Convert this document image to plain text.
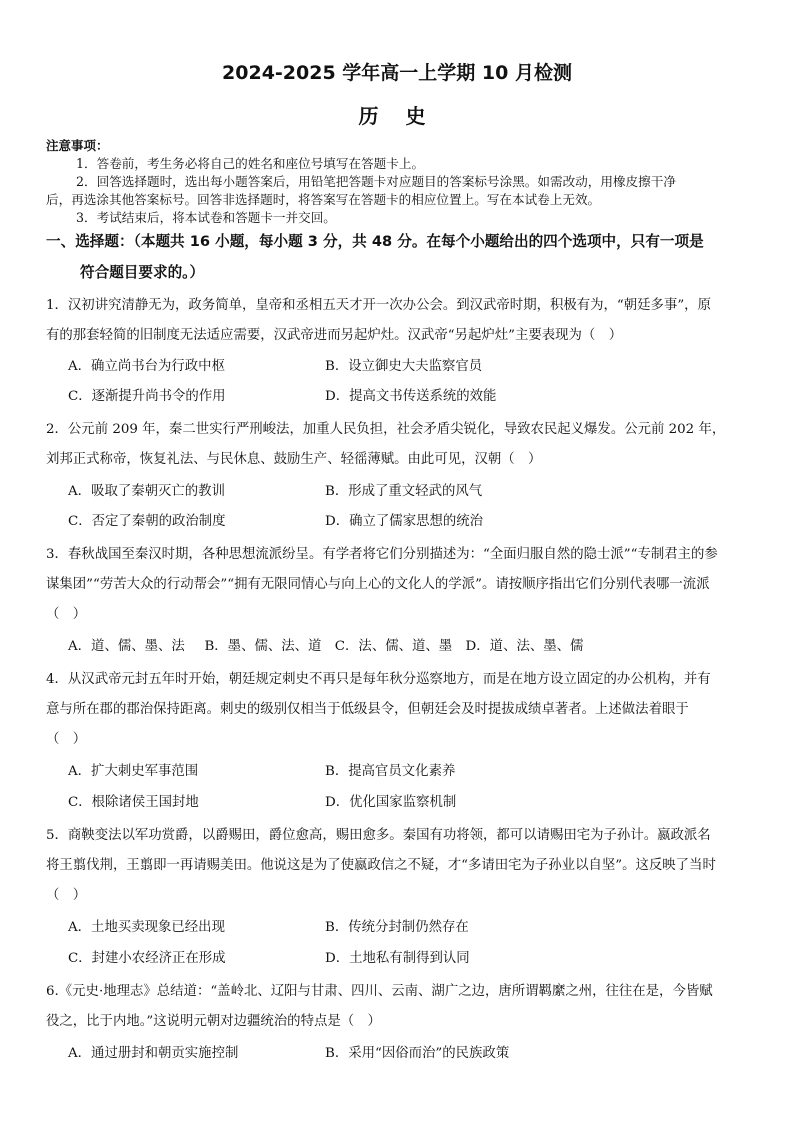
2024-2025 学年高一上学期 10 月检测
历 史
注意事项：
1．答卷前，考生务必将自己的姓名和座位号填写在答题卡上。
2．回答选择题时，选出每小题答案后，用铅笔把答题卡对应题目的答案标号涂黑。如需改动，用橡皮擦干净
后，再选涂其他答案标号。回答非选择题时，将答案写在答题卡的相应位置上。写在本试卷上无效。
3．考试结束后，将本试卷和答题卡一并交回。
一、选择题：（本题共 16 小题，每小题 3 分，共 48 分。在每个小题给出的四个选项中，只有一项是
符合题目要求的。）
1．汉初讲究清静无为，政务简单，皇帝和丞相五天才开一次办公会。到汉武帝时期，积极有为，“朝廷多事”，原
有的那套轻简的旧制度无法适应需要，汉武帝进而另起炉灶。汉武帝“另起炉灶”主要表现为（　）
A．确立尚书台为行政中枢	B．设立御史大夫监察官员
C．逐渐提升尚书令的作用	D．提高文书传送系统的效能
2．公元前 209 年，秦二世实行严刑峻法，加重人民负担，社会矛盾尖锐化，导致农民起义爆发。公元前 202 年，
刘邦正式称帝，恢复礼法、与民休息、鼓励生产、轻徭薄赋。由此可见，汉朝（　）
A．吸取了秦朝灭亡的教训	B．形成了重文轻武的风气
C．否定了秦朝的政治制度	D．确立了儒家思想的统治
3．春秋战国至秦汉时期，各种思想流派纷呈。有学者将它们分别描述为：“全面归服自然的隐士派”“专制君主的参
谋集团”“劳苦大众的行动帮会”“拥有无限同情心与向上心的文化人的学派”。请按顺序指出它们分别代表哪一流派
（　）
A．道、儒、墨、法　 B．墨、儒、法、道　C．法、儒、道、墨　D．道、法、墨、儒
4．从汉武帝元封五年时开始，朝廷规定刺史不再只是每年秋分巡察地方，而是在地方设立固定的办公机构，并有
意与所在郡的郡治保持距离。刺史的级别仅相当于低级县令，但朝廷会及时提拔成绩卓著者。上述做法着眼于
（　）
A．扩大刺史军事范围	B．提高官员文化素养
C．根除诸侯王国封地	D．优化国家监察机制
5．商鞅变法以军功赏爵，以爵赐田，爵位愈高，赐田愈多。秦国有功将领，都可以请赐田宅为子孙计。嬴政派名
将王翦伐荆，王翦即一再请赐美田。他说这是为了使嬴政信之不疑，才“多请田宅为子孙业以自坚”。这反映了当时
（　）
A．土地买卖现象已经出现	B．传统分封制仍然存在
C．封建小农经济正在形成	D．土地私有制得到认同
6.《元史·地理志》总结道：“盖岭北、辽阳与甘肃、四川、云南、湖广之边，唐所谓羁縻之州，往往在是，今皆赋
役之，比于内地。”这说明元朝对边疆统治的特点是（　）
A．通过册封和朝贡实施控制	B．采用“因俗而治”的民族政策
